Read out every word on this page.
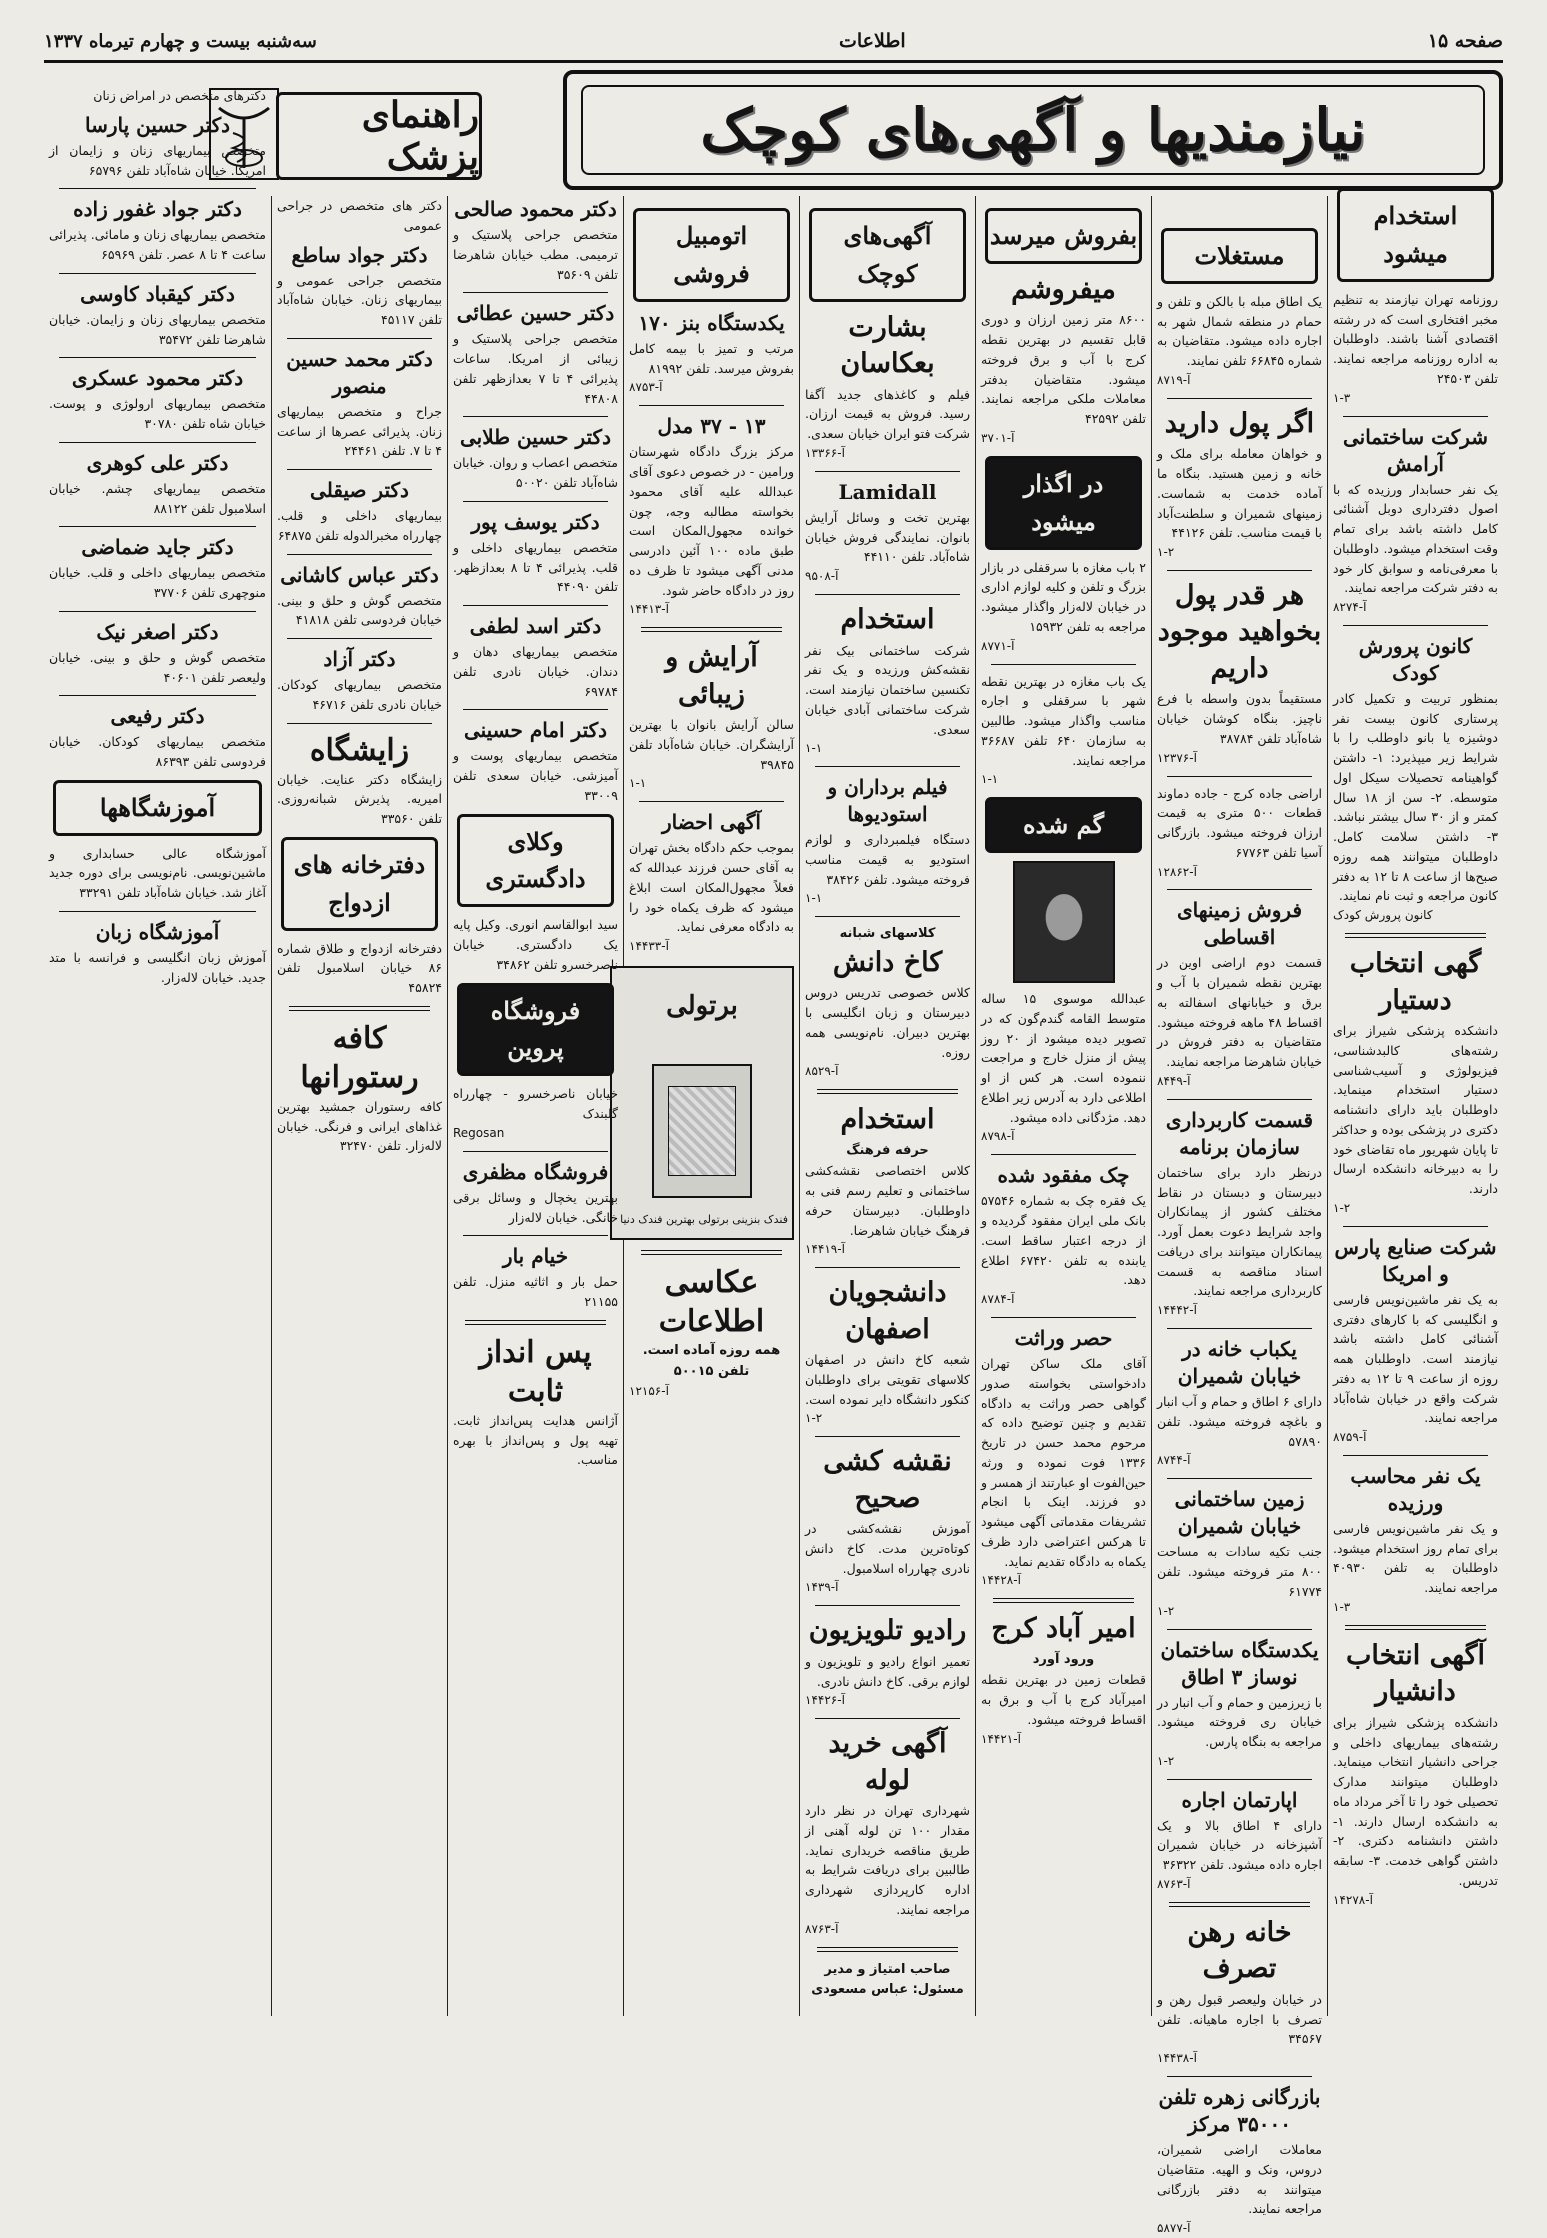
صفحه ۱۵
اطلاعات
سه‌شنبه بیست و چهارم تیرماه ۱۳۳۷
نیازمندیها و آگهی‌های کوچک
راهنمای پزشک
استخدام میشود
روزنامه تهران نیازمند به تنظیم مخبر افتخاری است که در رشته اقتصادی آشنا باشند. داوطلبان به اداره روزنامه مراجعه نمایند. تلفن ۲۴۵۰۳
۱-۳
شرکت ساختمانی آرامش
یک نفر حسابدار ورزیده که با اصول دفترداری دوبل آشنائی کامل داشته باشد برای تمام وقت استخدام میشود. داوطلبان با معرفی‌نامه و سوابق کار خود به دفتر شرکت مراجعه نمایند.
آ-۸۲۷۴
کانون پرورش کودک
بمنظور تربیت و تکمیل کادر پرستاری کانون بیست نفر دوشیزه یا بانو داوطلب را با شرایط زیر میپذیرد: ۱- داشتن گواهینامه تحصیلات سیکل اول متوسطه. ۲- سن از ۱۸ سال کمتر و از ۳۰ سال بیشتر نباشد. ۳- داشتن سلامت کامل. داوطلبان میتوانند همه روزه صبح‌ها از ساعت ۸ تا ۱۲ به دفتر کانون مراجعه و ثبت نام نمایند.
کانون پرورش کودک
گهی انتخاب دستیار
دانشکده پزشکی شیراز برای رشته‌های کالبدشناسی، فیزیولوژی و آسیب‌شناسی دستیار استخدام مینماید. داوطلبان باید دارای دانشنامه دکتری در پزشکی بوده و حداکثر تا پایان شهریور ماه تقاضای خود را به دبیرخانه دانشکده ارسال دارند.
۱-۲
شرکت صنایع پارس و امریکا
به یک نفر ماشین‌نویس فارسی و انگلیسی که با کارهای دفتری آشنائی کامل داشته باشد نیازمند است. داوطلبان همه روزه از ساعت ۹ تا ۱۲ به دفتر شرکت واقع در خیابان شاه‌آباد مراجعه نمایند.
آ-۸۷۵۹
یک نفر محاسب ورزیده
و یک نفر ماشین‌نویس فارسی برای تمام روز استخدام میشود. داوطلبان به تلفن ۴۰۹۳۰ مراجعه نمایند.
۱-۳
آگهی انتخاب دانشیار
دانشکده پزشکی شیراز برای رشته‌های بیماریهای داخلی و جراحی دانشیار انتخاب مینماید. داوطلبان میتوانند مدارک تحصیلی خود را تا آخر مرداد ماه به دانشکده ارسال دارند. ۱- داشتن دانشنامه دکتری. ۲- داشتن گواهی خدمت. ۳- سابقه تدریس.
آ-۱۴۲۷۸
مستغلات
یک اطاق مبله با بالکن و تلفن و حمام در منطقه شمال شهر به اجاره داده میشود. متقاضیان به شماره ۶۶۸۴۵ تلفن نمایند.
آ-۸۷۱۹
اگر پول دارید
و خواهان معامله برای ملک و خانه و زمین هستید. بنگاه ما آماده خدمت به شماست. زمینهای شمیران و سلطنت‌آباد با قیمت مناسب. تلفن ۴۴۱۲۶
۱-۲
هر قدر پول بخواهید موجود داریم
مستقیماً بدون واسطه با فرع ناچیز. بنگاه کوشان خیابان شاه‌آباد تلفن ۳۸۷۸۴
آ-۱۲۳۷۶
اراضی جاده کرج - جاده دماوند قطعات ۵۰۰ متری به قیمت ارزان فروخته میشود. بازرگانی آسیا تلفن ۶۷۷۶۳
آ-۱۲۸۶۲
فروش زمینهای اقساطی
قسمت دوم اراضی اوین در بهترین نقطه شمیران با آب و برق و خیابانهای اسفالته به اقساط ۴۸ ماهه فروخته میشود. متقاضیان به دفتر فروش در خیابان شاهرضا مراجعه نمایند.
آ-۸۴۴۹
قسمت کاربرداری سازمان برنامه
درنظر دارد برای ساختمان دبیرستان و دبستان در نقاط مختلف کشور از پیمانکاران واجد شرایط دعوت بعمل آورد. پیمانکاران میتوانند برای دریافت اسناد مناقصه به قسمت کاربرداری مراجعه نمایند.
آ-۱۴۴۴۲
یکباب خانه در خیابان شمیران
دارای ۶ اطاق و حمام و آب انبار و باغچه فروخته میشود. تلفن ۵۷۸۹۰
آ-۸۷۴۴
زمین ساختمانی خیابان شمیران
جنب تکیه سادات به مساحت ۸۰۰ متر فروخته میشود. تلفن ۶۱۷۷۴
۱-۲
یکدستگاه ساختمان نوساز ۳ اطاق
با زیرزمین و حمام و آب انبار در خیابان ری فروخته میشود. مراجعه به بنگاه پارس.
۱-۲
اپارتمان اجاره
دارای ۴ اطاق بالا و یک آشپزخانه در خیابان شمیران اجاره داده میشود. تلفن ۳۶۳۲۲
آ-۸۷۶۳
خانه رهن تصرف
در خیابان ولیعصر قبول رهن و تصرف با اجاره ماهیانه. تلفن ۳۴۵۶۷
آ-۱۴۴۳۸
بازرگانی زهره تلفن ۳۵۰۰۰ مرکز
معاملات اراضی شمیران، دروس، ونک و الهیه. متقاضیان میتوانند به دفتر بازرگانی مراجعه نمایند.
آ-۵۸۷۷
بفروش میرسد
میفروشم
۸۶۰۰ متر زمین ارزان و دوری قابل تقسیم در بهترین نقطه کرج با آب و برق فروخته میشود. متقاضیان بدفتر معاملات ملکی مراجعه نمایند. تلفن ۴۲۵۹۲
آ-۳۷۰۱
در اگذار میشود
۲ باب مغازه با سرقفلی در بازار بزرگ و تلفن و کلیه لوازم اداری در خیابان لاله‌زار واگذار میشود. مراجعه به تلفن ۱۵۹۳۲
آ-۸۷۷۱
یک باب مغازه در بهترین نقطه شهر با سرقفلی و اجاره مناسب واگذار میشود. طالبین به سازمان ۶۴۰ تلفن ۳۶۶۸۷ مراجعه نمایند.
۱-۱
گم شده
عبدالله موسوی ۱۵ ساله متوسط القامه گندم‌گون که در تصویر دیده میشود از ۲۰ روز پیش از منزل خارج و مراجعت ننموده است. هر کس از او اطلاعی دارد به آدرس زیر اطلاع دهد. مژدگانی داده میشود.
آ-۸۷۹۸
چک مفقود شده
یک فقره چک به شماره ۵۷۵۴۶ بانک ملی ایران مفقود گردیده و از درجه اعتبار ساقط است. یابنده به تلفن ۶۷۴۲۰ اطلاع دهد.
آ-۸۷۸۴
حصر وراثت
آقای ملک ساکن تهران دادخواستی بخواسته صدور گواهی حصر وراثت به دادگاه تقدیم و چنین توضیح داده که مرحوم محمد حسن در تاریخ ۱۳۳۶ فوت نموده و ورثه حین‌الفوت او عبارتند از همسر و دو فرزند. اینک با انجام تشریفات مقدماتی آگهی میشود تا هرکس اعتراضی دارد ظرف یکماه به دادگاه تقدیم نماید.
آ-۱۴۴۲۸
امیر آباد کرج
ورود آورد
قطعات زمین در بهترین نقطه امیرآباد کرج با آب و برق به اقساط فروخته میشود.
آ-۱۴۴۲۱
آگهی‌های کوچک
بشارت بعکاسان
فیلم و کاغذهای جدید آگفا رسید. فروش به قیمت ارزان. شرکت فتو ایران خیابان سعدی.
آ-۱۳۳۶۶
Lamidall
بهترین تخت و وسائل آرایش بانوان. نمایندگی فروش خیابان شاه‌آباد. تلفن ۴۴۱۱۰
آ-۹۵۰۸
استخدام
شرکت ساختمانی بیک نفر نقشه‌کش ورزیده و یک نفر تکنسین ساختمان نیازمند است. شرکت ساختمانی آبادی خیابان سعدی.
۱-۱
فیلم برداران و استودیوها
دستگاه فیلمبرداری و لوازم استودیو به قیمت مناسب فروخته میشود. تلفن ۳۸۴۲۶
۱-۱
کلاسهای شبانه
کاخ دانش
کلاس خصوصی تدریس دروس دبیرستان و زبان انگلیسی با بهترین دبیران. نام‌نویسی همه روزه.
آ-۸۵۲۹
استخدام
حرفه فرهنگ
کلاس اختصاصی نقشه‌کشی ساختمانی و تعلیم رسم فنی به داوطلبان. دبیرستان حرفه فرهنگ خیابان شاهرضا.
آ-۱۴۴۱۹
دانشجویان اصفهان
شعبه کاخ دانش در اصفهان کلاسهای تقویتی برای داوطلبان کنکور دانشگاه دایر نموده است.
۱-۲
نقشه کشی صحیح
آموزش نقشه‌کشی در کوتاه‌ترین مدت. کاخ دانش نادری چهارراه اسلامبول.
آ-۱۴۳۹
رادیو تلویزیون
تعمیر انواع رادیو و تلویزیون و لوازم برقی. کاخ دانش نادری.
آ-۱۴۴۲۶
آگهی خرید لوله
شهرداری تهران در نظر دارد مقدار ۱۰۰ تن لوله آهنی از طریق مناقصه خریداری نماید. طالبین برای دریافت شرایط به اداره کارپردازی شهرداری مراجعه نمایند.
آ-۸۷۶۳
صاحب امتیاز و مدیر مسئول: عباس مسعودی
اتومبیل فروشی
یکدستگاه بنز ۱۷۰
مرتب و تمیز با بیمه کامل بفروش میرسد. تلفن ۸۱۹۹۲
آ-۸۷۵۳
۱۳ - ۳۷ مدل
مرکز بزرگ دادگاه شهرستان ورامین - در خصوص دعوی آقای عبدالله علیه آقای محمود بخواسته مطالبه وجه، چون خوانده مجهول‌المکان است طبق ماده ۱۰۰ آئین دادرسی مدنی آگهی میشود تا ظرف ده روز در دادگاه حاضر شود.
آ-۱۴۴۱۳
آرایش و زیبائی
سالن آرایش بانوان با بهترین آرایشگران. خیابان شاه‌آباد تلفن ۳۹۸۴۵
۱-۱
آگهی احضار
بموجب حکم دادگاه بخش تهران به آقای حسن فرزند عبدالله که فعلاً مجهول‌المکان است ابلاغ میشود که ظرف یکماه خود را به دادگاه معرفی نماید.
آ-۱۴۴۳۳
برتولی
فندک بنزینی برتولی بهترین فندک دنیا
عکاسی اطلاعات
همه روزه آماده است. تلفن ۵۰۰۱۵
آ-۱۲۱۵۶
دکتر محمود صالحی
متخصص جراحی پلاستیک و ترمیمی. مطب خیابان شاهرضا تلفن ۳۵۶۰۹
دکتر حسین عطائی
متخصص جراحی پلاستیک و زیبائی از امریکا. ساعات پذیرائی ۴ تا ۷ بعدازظهر تلفن ۴۴۸۰۸
دکتر حسین طلابی
متخصص اعصاب و روان. خیابان شاه‌آباد تلفن ۵۰۰۲۰
دکتر یوسف پور
متخصص بیماریهای داخلی و قلب. پذیرائی ۴ تا ۸ بعدازظهر. تلفن ۴۴۰۹۰
دکتر اسد لطفی
متخصص بیماریهای دهان و دندان. خیابان نادری تلفن ۶۹۷۸۴
دکتر امام حسینی
متخصص بیماریهای پوست و آمیزشی. خیابان سعدی تلفن ۳۳۰۰۹
وکلای دادگستری
سید ابوالقاسم انوری. وکیل پایه یک دادگستری. خیابان ناصرخسرو تلفن ۳۴۸۶۲
فروشگاه پروین
خیابان ناصرخسرو - چهارراه گلبندک
Regosan
فروشگاه مظفری
بهترین یخچال و وسائل برقی خانگی. خیابان لاله‌زار
خیام بار
حمل بار و اثاثیه منزل. تلفن ۲۱۱۵۵
پس انداز ثابت
آژانس هدایت پس‌انداز ثابت. تهیه پول و پس‌انداز با بهره مناسب.
دکتر های متخصص در جراحی عمومی
دکتر جواد ساطع
متخصص جراحی عمومی و بیماریهای زنان. خیابان شاه‌آباد تلفن ۴۵۱۱۷
دکتر محمد حسین منصور
جراح و متخصص بیماریهای زنان. پذیرائی عصرها از ساعت ۴ تا ۷. تلفن ۲۴۴۶۱
دکتر صیقلی
بیماریهای داخلی و قلب. چهارراه مخبرالدوله تلفن ۶۴۸۷۵
دکتر عباس کاشانی
متخصص گوش و حلق و بینی. خیابان فردوسی تلفن ۴۱۸۱۸
دکتر آزاد
متخصص بیماریهای کودکان. خیابان نادری تلفن ۴۶۷۱۶
زایشگاه
زایشگاه دکتر عنایت. خیابان امیریه. پذیرش شبانه‌روزی. تلفن ۳۳۵۶۰
دفترخانه های ازدواج
دفترخانه ازدواج و طلاق شماره ۸۶ خیابان اسلامبول تلفن ۴۵۸۲۴
کافه رستورانها
کافه رستوران جمشید بهترین غذاهای ایرانی و فرنگی. خیابان لاله‌زار. تلفن ۳۲۴۷۰
دکترهای متخصص در امراض زنان
دکتر حسین پارسا
متخصص بیماریهای زنان و زایمان از امریکا. خیابان شاه‌آباد تلفن ۶۵۷۹۶
دکتر جواد غفور زاده
متخصص بیماریهای زنان و مامائی. پذیرائی ساعت ۴ تا ۸ عصر. تلفن ۶۵۹۶۹
دکتر کیقباد کاوسی
متخصص بیماریهای زنان و زایمان. خیابان شاهرضا تلفن ۳۵۴۷۲
دکتر محمود عسکری
متخصص بیماریهای ارولوژی و پوست. خیابان شاه تلفن ۳۰۷۸۰
دکتر علی کوهری
متخصص بیماریهای چشم. خیابان اسلامبول تلفن ۸۸۱۲۲
دکتر جاید ضماضی
متخصص بیماریهای داخلی و قلب. خیابان منوچهری تلفن ۳۷۷۰۶
دکتر اصغر نیک
متخصص گوش و حلق و بینی. خیابان ولیعصر تلفن ۴۰۶۰۱
دکتر رفیعی
متخصص بیماریهای کودکان. خیابان فردوسی تلفن ۸۶۳۹۳
آموزشگاهها
آموزشگاه عالی حسابداری و ماشین‌نویسی. نام‌نویسی برای دوره جدید آغاز شد. خیابان شاه‌آباد تلفن ۳۳۲۹۱
آموزشگاه زبان
آموزش زبان انگلیسی و فرانسه با متد جدید. خیابان لاله‌زار.
